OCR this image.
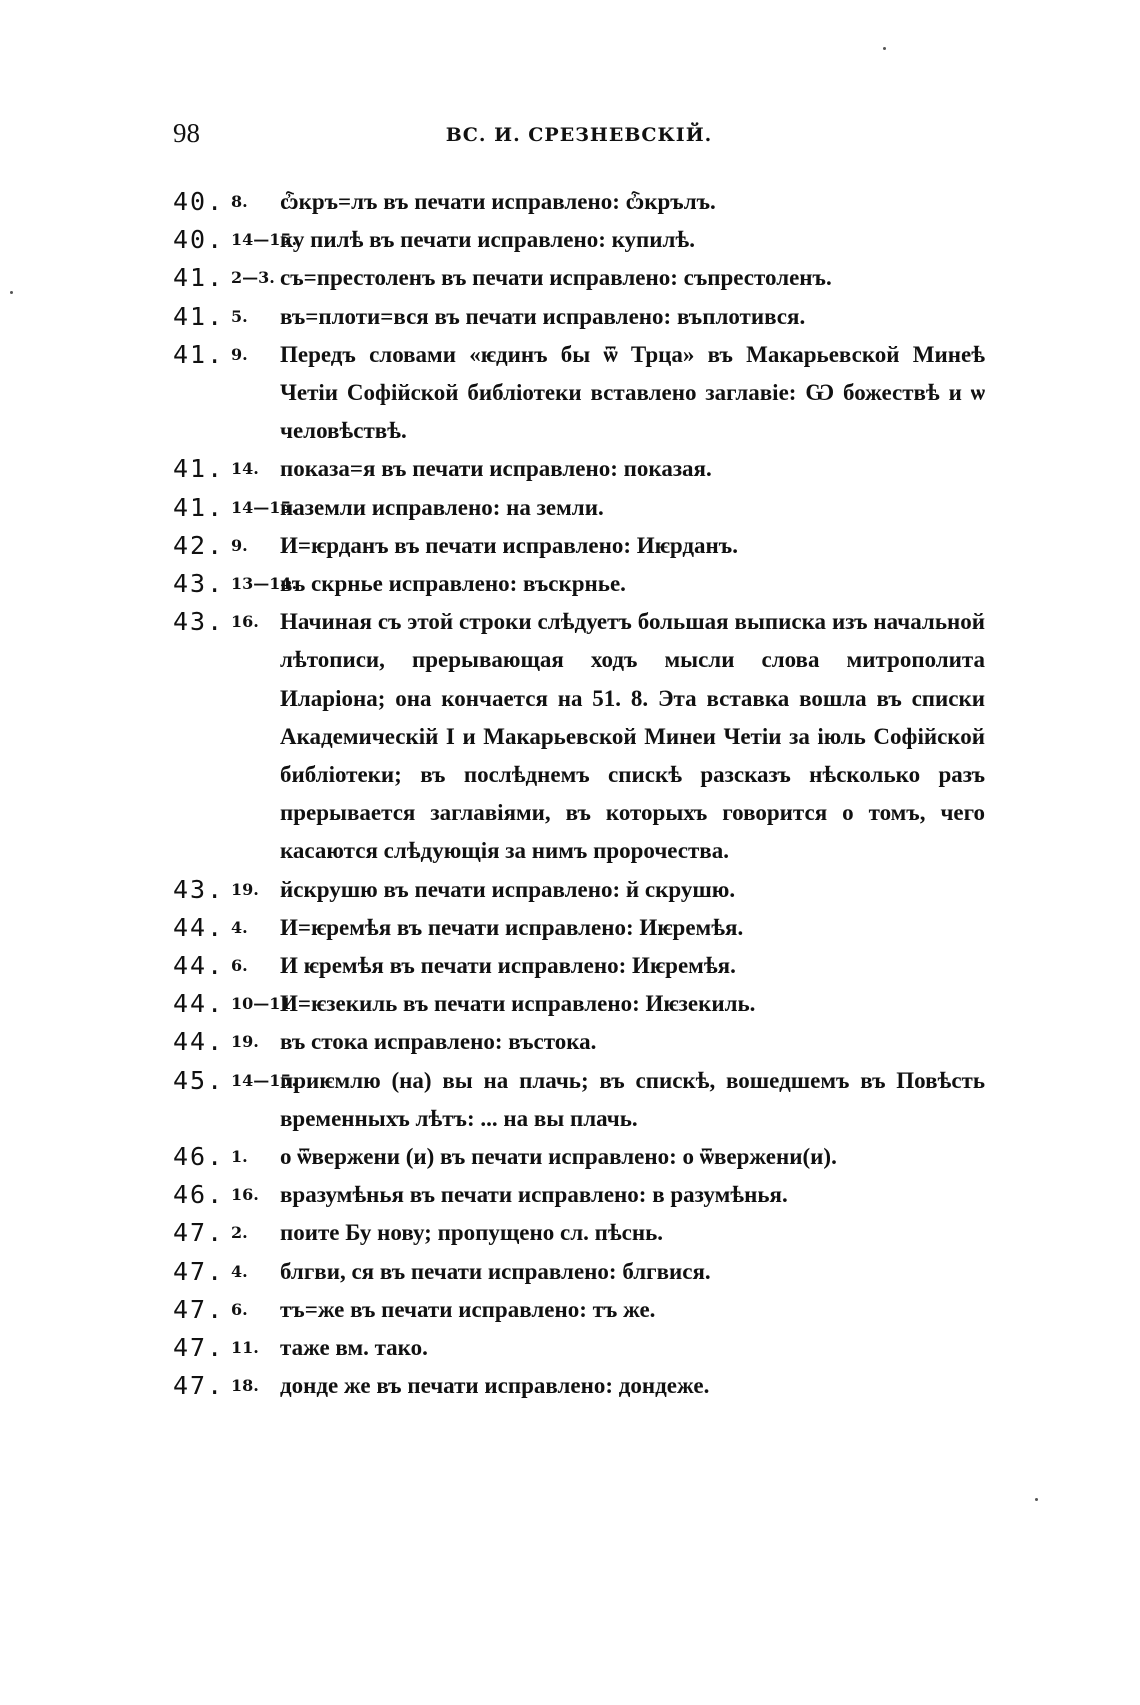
98	ВС. И. СРЕЗНЕВСКІЙ.
40. 8. ѽкръ=лъ въ печати исправлено: ѽкрълъ.
40. 14—15.
ку пилѣ въ печати исправлено: купилѣ.
41. 2—3. съ=престоленъ въ печати исправлено: съпрестоленъ.
41. 5. въ=плоти=вся въ печати исправлено: въплотився.
41. 9. Передъ словами «ѥдинъ бы ѿ Трца» въ Макарьевской Минеѣ Четіи Софійской библіотеки вставлено заглавіе: Ѡ божествѣ и ѡ человѣствѣ.
41. 14. показа=я въ печати исправлено: показая.
41. 14—15.
наземли исправлено: на земли.
42. 9. И=ѥрданъ въ печати исправлено: Иѥрданъ.
43. 13—14.
въ скрнье исправлено: въскрнье.
43. 16. Начиная съ этой строки слѣдуетъ большая выписка изъ начальной лѣтописи, прерывающая ходъ мысли слова митрополита Иларіона; она кончается на 51. 8. Эта вставка вошла въ списки Академическій I и Макарьевской Минеи Четіи за іюль Софійской библіотеки; въ послѣднемъ спискѣ разсказъ нѣсколько разъ прерывается заглавіями, въ которыхъ говорится о томъ, чего касаются слѣдующія за нимъ пророчества.
43. 19. йскрушю въ печати исправлено: й скрушю.
44. 4. И=ѥремѣя въ печати исправлено: Иѥремѣя.
44. 6. И ѥремѣя въ печати исправлено: Иѥремѣя.
44. 10—11.
И=ѥзекиль въ печати исправлено: Иѥзекиль.
44. 19. въ стока исправлено: въстока.
45. 14—15.
приѥмлю (на) вы на плачь; въ спискѣ, вошедшемъ въ Повѣсть временныхъ лѣтъ: ... на вы плачь.
46. 1. о ѿвержени (и) въ печати исправлено: о ѿвержени(и).
46. 16. вразумѣнья въ печати исправлено: в разумѣнья.
47. 2. поите Бу нову; пропущено сл. пѣснь.
47. 4. блгви, ся въ печати исправлено: блгвися.
47. 6. тъ=же въ печати исправлено: тъ же.
47. 11. таже вм. тако.
47. 18. донде же въ печати исправлено: дондеже.
